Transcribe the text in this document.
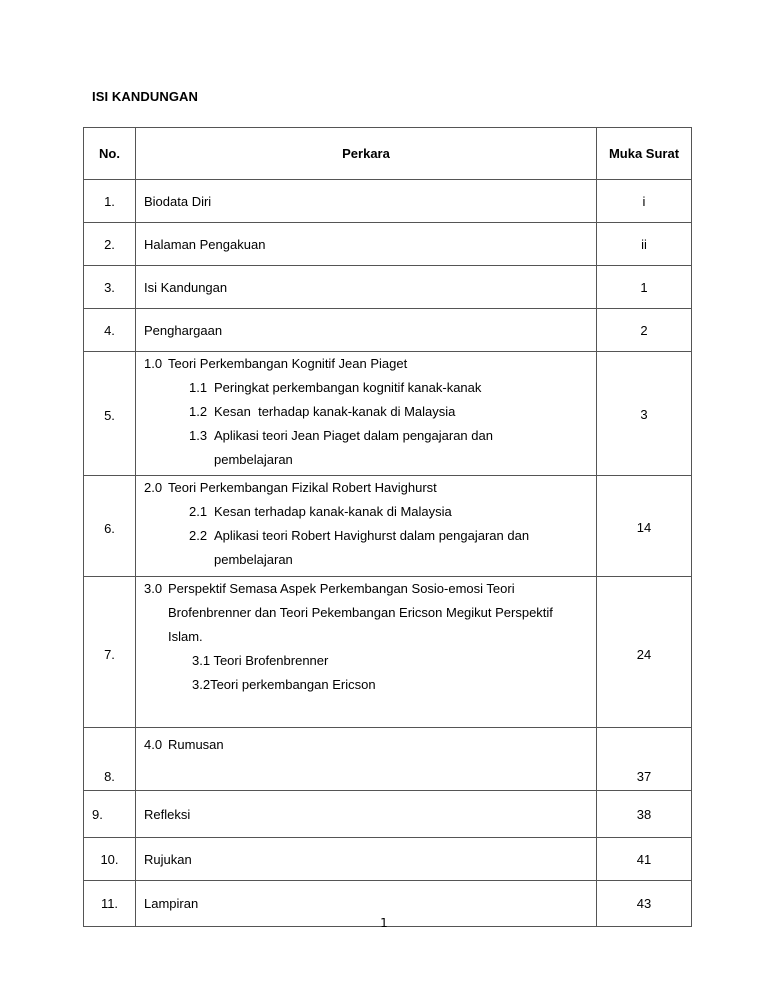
ISI KANDUNGAN
No.	Perkara	Muka Surat
1.	Biodata Diri	i
2.	Halaman Pengakuan	ii
3.	Isi Kandungan	1
4.	Penghargaan	2
5.	1.0 Teori Perkembangan Kognitif Jean Piaget
1.1 Peringkat perkembangan kognitif kanak-kanak
1.2 Kesan  terhadap kanak-kanak di Malaysia
1.3 Aplikasi teori Jean Piaget dalam pengajaran dan
pembelajaran	3
6.	2.0 Teori Perkembangan Fizikal Robert Havighurst
2.1 Kesan terhadap kanak-kanak di Malaysia
2.2 Aplikasi teori Robert Havighurst dalam pengajaran dan
pembelajaran	14
7.	3.0 Perspektif Semasa Aspek Perkembangan Sosio-emosi Teori
Brofenbrenner dan Teori Pekembangan Ericson Megikut Perspektif
Islam.
3.1 Teori Brofenbrenner
3.2Teori perkembangan Ericson	24
8.	4.0 Rumusan	37
9.	Refleksi	38
10.	Rujukan	41
11.	Lampiran	43
1
